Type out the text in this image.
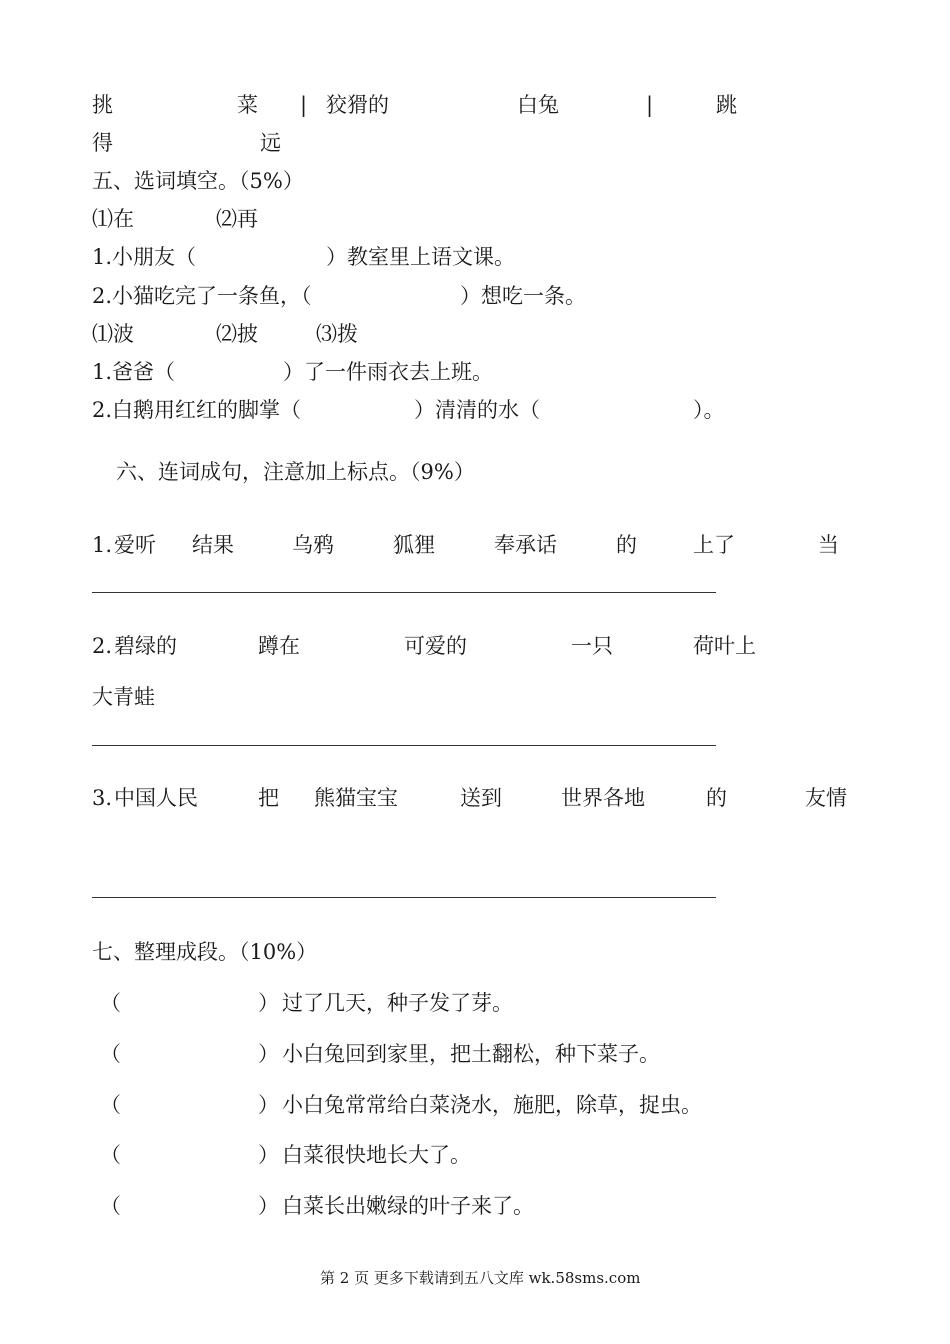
挑	菜 | 狡猾的	白兔	|	跳
得	远
五、选词填空。（5%）
⑴在	⑵再
1.小朋友（	）教室里上语文课。
2.小猫吃完了一条鱼，（	）想吃一条。
⑴波	⑵披	⑶拨
1.爸爸（	）了一件雨衣去上班。
2.白鹅用红红的脚掌（	）清清的水（	）。
六、连词成句，注意加上标点。（9%）
1. 爱听 结果	乌鸦	狐狸	奉承话	的	上了	当
2. 碧绿的	蹲在	可爱的	一只	荷叶上
大青蛙
3. 中国人民	把 熊猫宝宝	送到	世界各地	的	友情
七、整理成段。（10%）
（	） 过了几天，种子发了芽。
（	） 小白兔回到家里，把土翻松，种下菜子。
（	） 小白兔常常给白菜浇水，施肥，除草，捉虫。
（	） 白菜很快地长大了。
（	） 白菜长出嫩绿的叶子来了。
第 2 页 更多下载请到五八文库 wk.58sms.com
